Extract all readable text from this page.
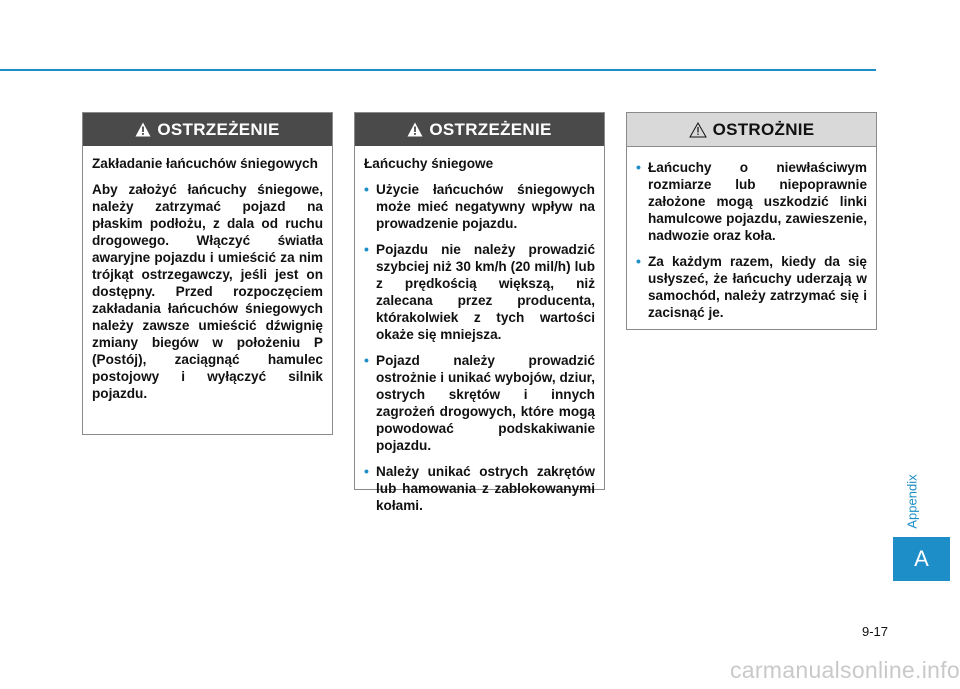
OSTRZEŻENIE

Zakładanie łańcuchów śniegowych

Aby założyć łańcuchy śniegowe, należy zatrzymać pojazd na płaskim podłożu, z dala od ruchu drogowego. Włączyć światła awaryjne pojazdu i umieścić za nim trójkąt ostrzegawczy, jeśli jest on dostępny. Przed rozpoczęciem zakładania łańcuchów śniegowych należy zawsze umieścić dźwignię zmiany biegów w położeniu P (Postój), zaciągnąć hamulec postojowy i wyłączyć silnik pojazdu.

OSTRZEŻENIE

Łańcuchy śniegowe

• Użycie łańcuchów śniegowych może mieć negatywny wpływ na prowadzenie pojazdu.
• Pojazdu nie należy prowadzić szybciej niż 30 km/h (20 mil/h) lub z prędkością większą, niż zalecana przez producenta, którakolwiek z tych wartości okaże się mniejsza.
• Pojazd należy prowadzić ostrożnie i unikać wybojów, dziur, ostrych skrętów i innych zagrożeń drogowych, które mogą powodować podskakiwanie pojazdu.
• Należy unikać ostrych zakrętów lub hamowania z zablokowanymi kołami.
OSTROŻNIE
• Łańcuchy o niewłaściwym rozmiarze lub niepoprawnie założone mogą uszkodzić linki hamulcowe pojazdu, zawieszenie, nadwozie oraz koła.
• Za każdym razem, kiedy da się usłyszeć, że łańcuchy uderzają w samochód, należy zatrzymać się i zacisnąć je.
Appendix
A
9-17
carmanualsonline.info
